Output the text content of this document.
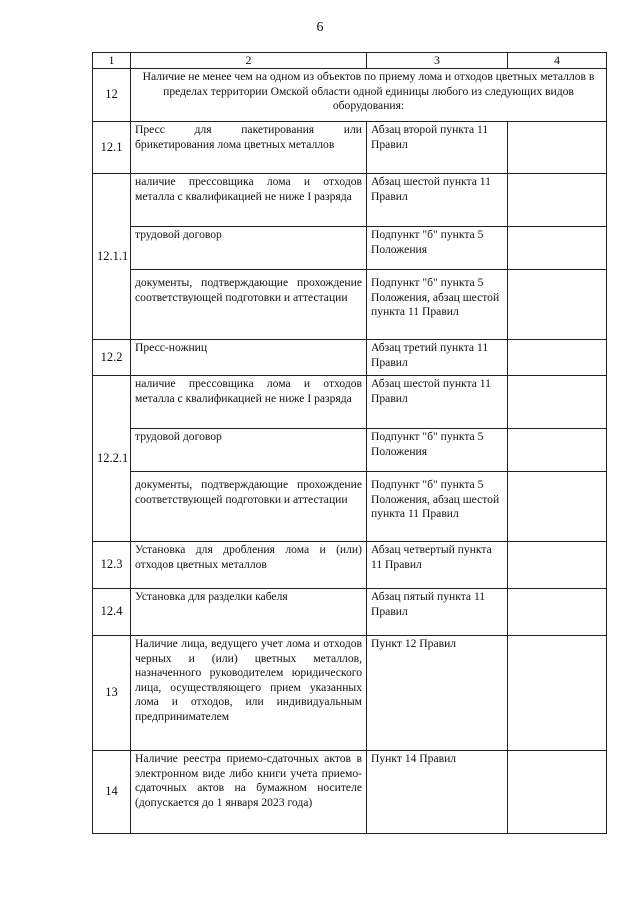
6
1	2	3	4
12	Наличие не менее чем на одном из объектов по приему лома и отходов цветных металлов в пределах территории Омской области одной единицы любого из следующих видов оборудования:		
12.1	Пресс для пакетирования или брикетирования лома цветных металлов	Абзац второй пункта 11 Правил	
12.1.1	наличие прессовщика лома и отходов металла с квалификацией не ниже I разряда	Абзац шестой пункта 11 Правил	
	трудовой договор	Подпункт "б" пункта 5 Положения	
	документы, подтверждающие прохождение соответствующей подготовки и аттестации	Подпункт "б" пункта 5 Положения, абзац шестой пункта 11 Правил	
12.2	Пресс-ножниц	Абзац третий пункта 11 Правил	
12.2.1	наличие прессовщика лома и отходов металла с квалификацией не ниже I разряда	Абзац шестой пункта 11 Правил	
	трудовой договор	Подпункт "б" пункта 5 Положения	
	документы, подтверждающие прохождение соответствующей подготовки и аттестации	Подпункт "б" пункта 5 Положения, абзац шестой пункта 11 Правил	
12.3	Установка для дробления лома и (или) отходов цветных металлов	Абзац четвертый пункта 11 Правил	
12.4	Установка для разделки кабеля	Абзац пятый пункта 11 Правил	
13	Наличие лица, ведущего учет лома и отходов черных и (или) цветных металлов, назначенного руководителем юридического лица, осуществляющего прием указанных лома и отходов, или индивидуальным предпринимателем	Пункт 12 Правил	
14	Наличие реестра приемо-сдаточных актов в электронном виде либо книги учета приемо-сдаточных актов на бумажном носителе (допускается до 1 января 2023 года)	Пункт 14 Правил	
